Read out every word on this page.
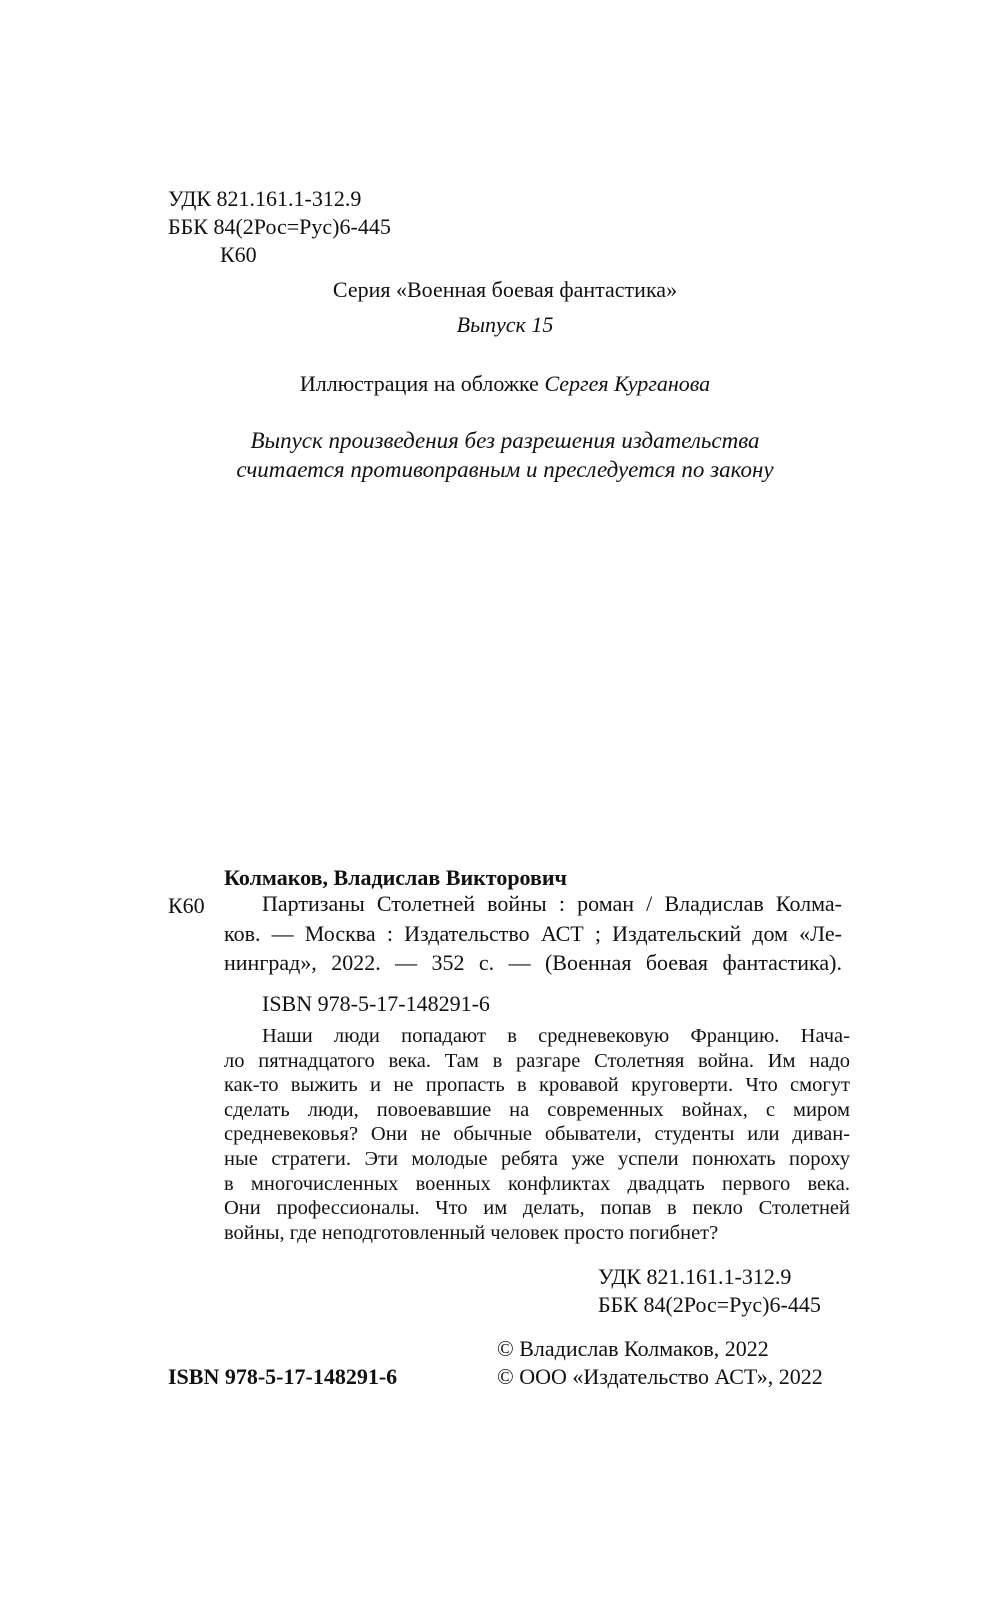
УДК 821.161.1-312.9
ББК 84(2Рос=Рус)6-445
К60
Серия «Военная боевая фантастика»
Выпуск 15
Иллюстрация на обложке Сергея Курганова
Выпуск произведения без разрешения издательства
считается противоправным и преследуется по закону
Колмаков, Владислав Викторович
К60	Партизаны Столетней войны : роман / Владислав Колма-
ков. — Москва : Издательство АСТ ; Издательский дом «Ле-
нинград», 2022. — 352 с. — (Военная боевая фантастика).
ISBN 978-5-17-148291-6
Наши люди попадают в средневековую Францию. Нача-
ло пятнадцатого века. Там в разгаре Столетняя война. Им надо
как-то выжить и не пропасть в кровавой круговерти. Что смогут
сделать люди, повоевавшие на современных войнах, с миром
средневековья? Они не обычные обыватели, студенты или диван-
ные стратеги. Эти молодые ребята уже успели понюхать пороху
в многочисленных военных конфликтах двадцать первого века.
Они профессионалы. Что им делать, попав в пекло Столетней
войны, где неподготовленный человек просто погибнет?
УДК 821.161.1-312.9
ББК 84(2Рос=Рус)6-445
© Владислав Колмаков, 2022
ISBN 978-5-17-148291-6	© ООО «Издательство АСТ», 2022
